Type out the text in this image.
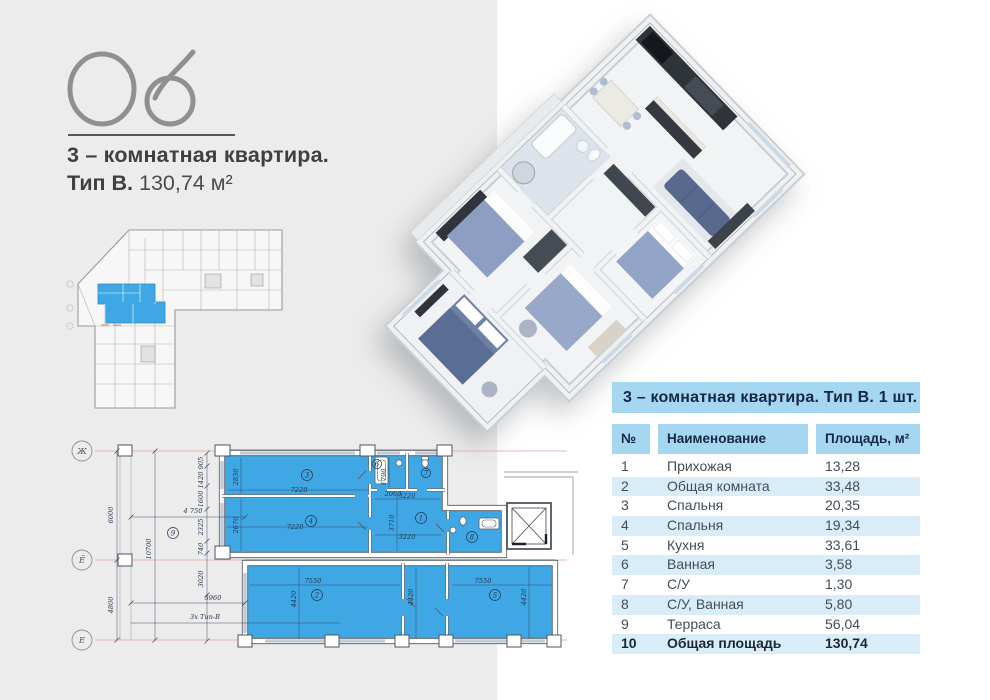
3 – комнатная квартира.
Тип В. 130,74 м²
3 – комнатная квартира. Тип В. 1 шт.
№	Наименование	Площадь, м²
1	Прихожая	13,28
2	Общая комната	33,48
3	Спальня	20,35
4	Спальня	19,34
5	Кухня	33,61
6	Ванная	3,58
7	С/У	1,30
8	С/У, Ванная	5,80
9	Терраса	56,04
10	Общая площадь	130,74
Ж
Ё
Е
6000
4800
10700
4 750
5960
3х Тип-В
905
1420
1600
2325
740
3020
2830
7220
2670	7220
1790
2060
3220
3710
3220
7550
4420	4420
7550
4420
9
3
4
6
7
1
8
2	5
